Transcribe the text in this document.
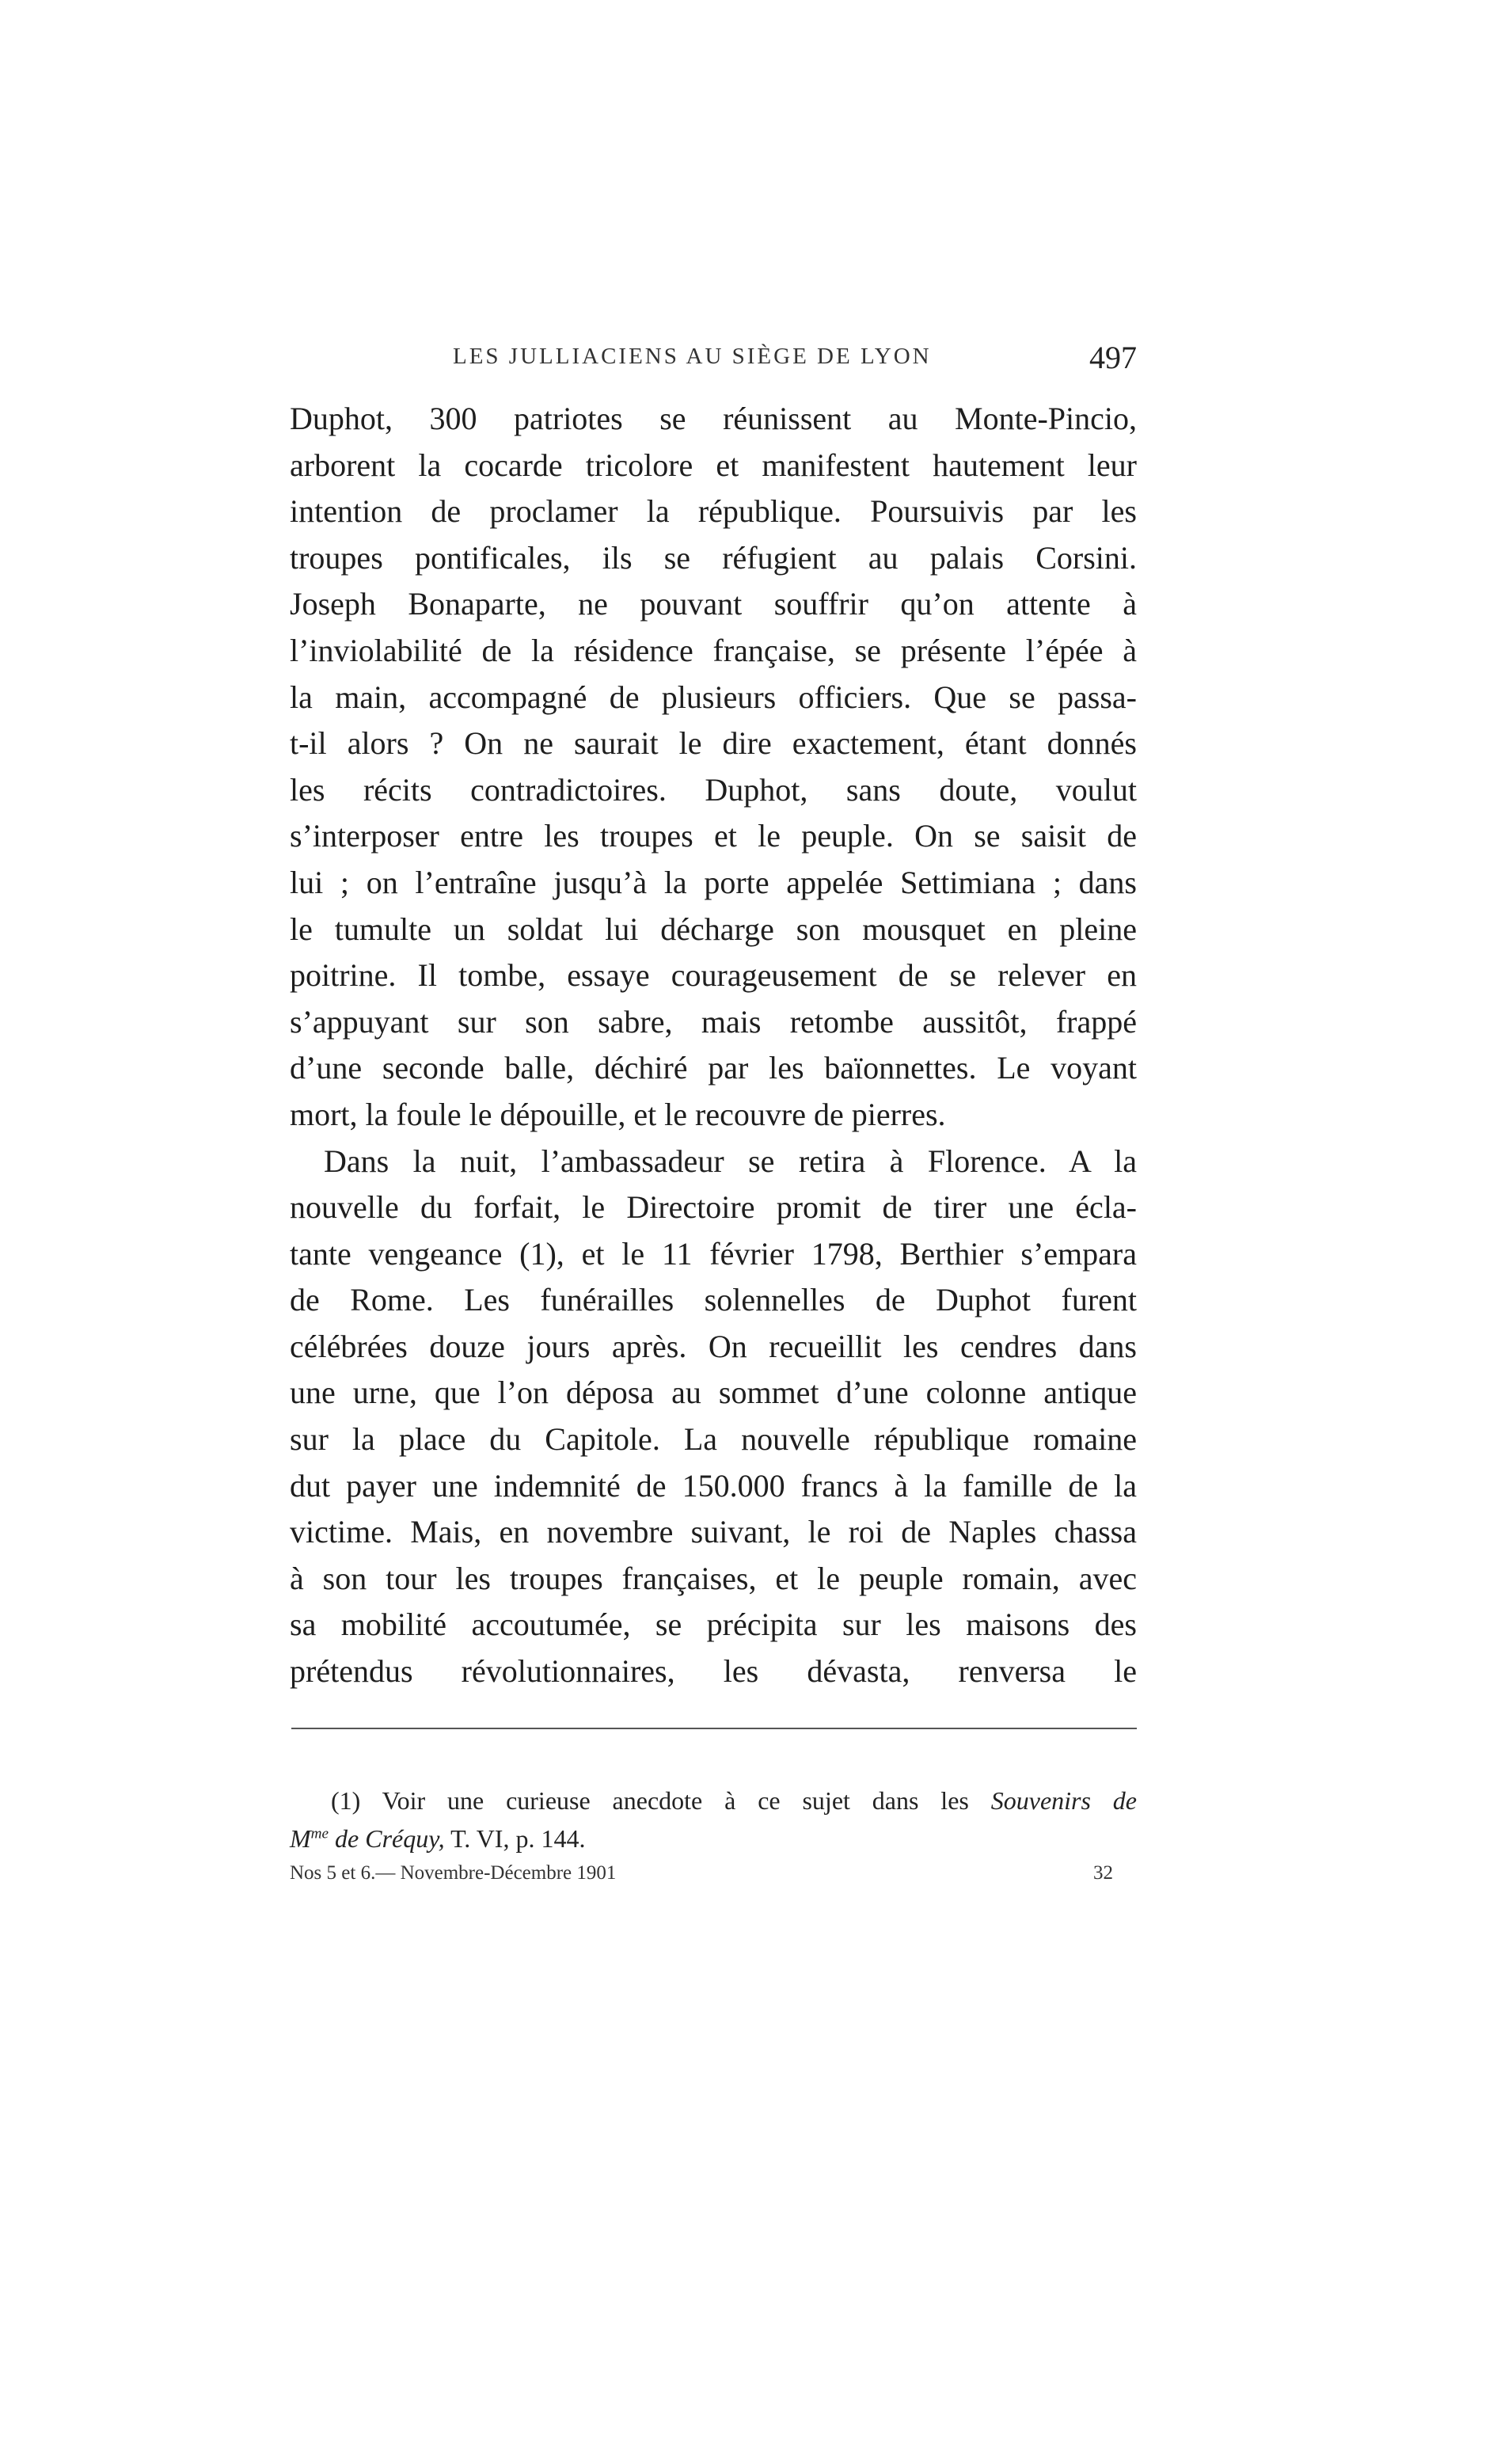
LES JULLIACIENS AU SIÈGE DE LYON	497
Duphot, 300 patriotes se réunissent au Monte-Pincio,
arborent la cocarde tricolore et manifestent hautement leur
intention de proclamer la république. Poursuivis par les
troupes pontificales, ils se réfugient au palais Corsini.
Joseph Bonaparte, ne pouvant souffrir qu’on attente à
l’inviolabilité de la résidence française, se présente l’épée à
la main, accompagné de plusieurs officiers. Que se passa-
t-il alors ? On ne saurait le dire exactement, étant donnés
les récits contradictoires. Duphot, sans doute, voulut
s’interposer entre les troupes et le peuple. On se saisit de
lui ; on l’entraîne jusqu’à la porte appelée Settimiana ; dans
le tumulte un soldat lui décharge son mousquet en pleine
poitrine. Il tombe, essaye courageusement de se relever en
s’appuyant sur son sabre, mais retombe aussitôt, frappé
d’une seconde balle, déchiré par les baïonnettes. Le voyant
mort, la foule le dépouille, et le recouvre de pierres.
Dans la nuit, l’ambassadeur se retira à Florence. A la
nouvelle du forfait, le Directoire promit de tirer une écla-
tante vengeance (1), et le 11 février 1798, Berthier s’empara
de Rome. Les funérailles solennelles de Duphot furent
célébrées douze jours après. On recueillit les cendres dans
une urne, que l’on déposa au sommet d’une colonne antique
sur la place du Capitole. La nouvelle république romaine
dut payer une indemnité de 150.000 francs à la famille de la
victime. Mais, en novembre suivant, le roi de Naples chassa
à son tour les troupes françaises, et le peuple romain, avec
sa mobilité accoutumée, se précipita sur les maisons des
prétendus révolutionnaires, les dévasta, renversa le
(1) Voir une curieuse anecdote à ce sujet dans les Souvenirs de
$M^{me}$ de Créquy, T. VI, p. 144.
Nos 5 et 6.— Novembre-Décembre 1901	32
